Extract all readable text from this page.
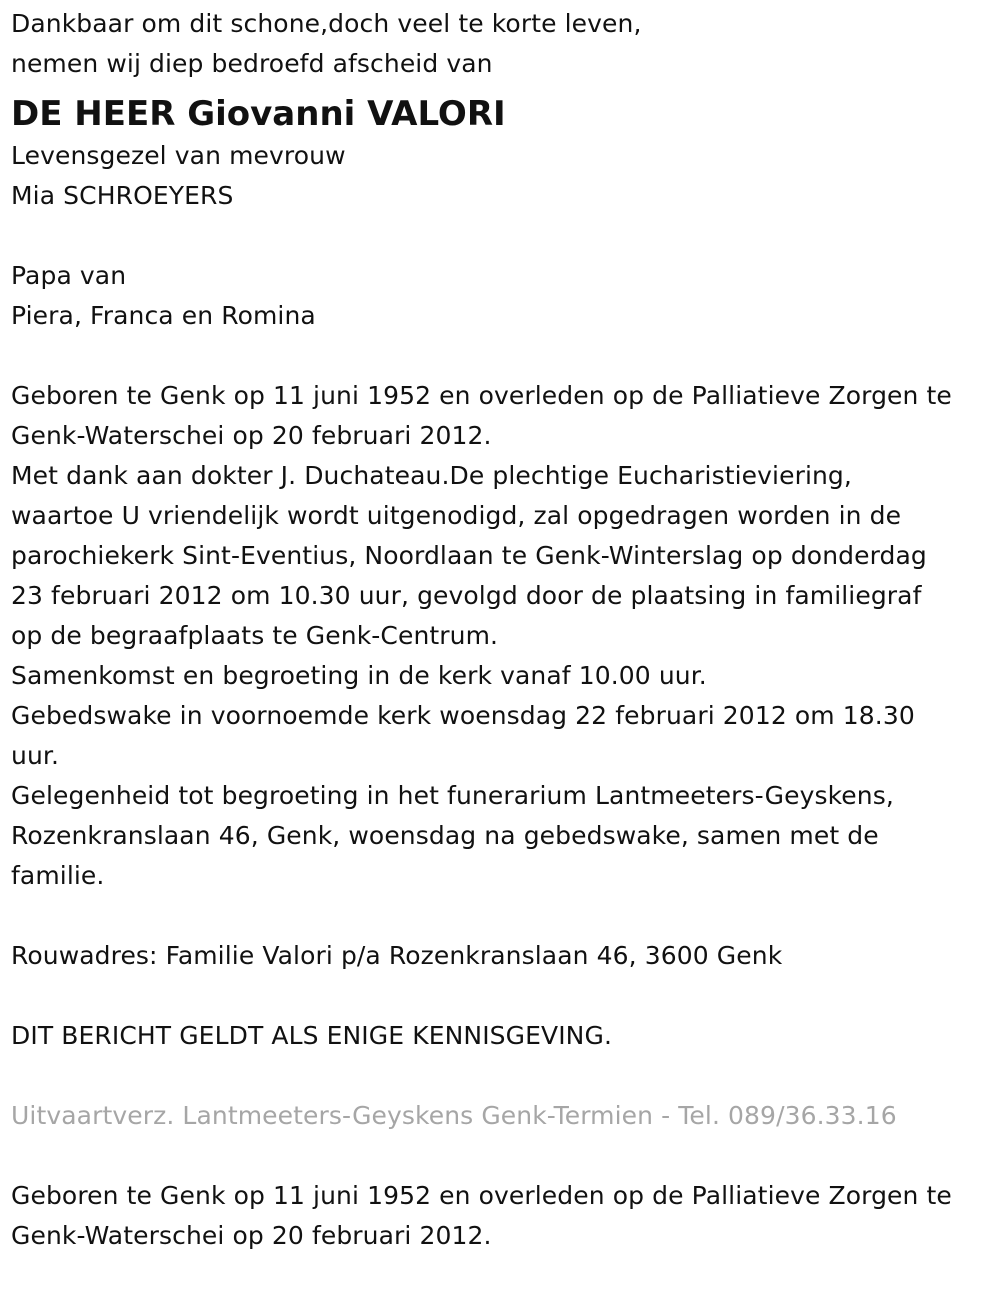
Dankbaar om dit schone,doch veel te korte leven,
nemen wij diep bedroefd afscheid van
DE HEER Giovanni VALORI
Levensgezel van mevrouw
Mia SCHROEYERS
Papa van
Piera, Franca en Romina
Geboren te Genk op 11 juni 1952 en overleden op de Palliatieve Zorgen te
Genk-Waterschei op 20 februari 2012.
Met dank aan dokter J. Duchateau.De plechtige Eucharistieviering,
waartoe U vriendelijk wordt uitgenodigd, zal opgedragen worden in de
parochiekerk Sint-Eventius, Noordlaan te Genk-Winterslag op donderdag
23 februari 2012 om 10.30 uur, gevolgd door de plaatsing in familiegraf
op de begraafplaats te Genk-Centrum.
Samenkomst en begroeting in de kerk vanaf 10.00 uur.
Gebedswake in voornoemde kerk woensdag 22 februari 2012 om 18.30
uur.
Gelegenheid tot begroeting in het funerarium Lantmeeters-Geyskens,
Rozenkranslaan 46, Genk, woensdag na gebedswake, samen met de
familie.
Rouwadres: Familie Valori p/a Rozenkranslaan 46, 3600 Genk
DIT BERICHT GELDT ALS ENIGE KENNISGEVING.
Uitvaartverz. Lantmeeters-Geyskens Genk-Termien - Tel. 089/36.33.16
Geboren te Genk op 11 juni 1952 en overleden op de Palliatieve Zorgen te
Genk-Waterschei op 20 februari 2012.
